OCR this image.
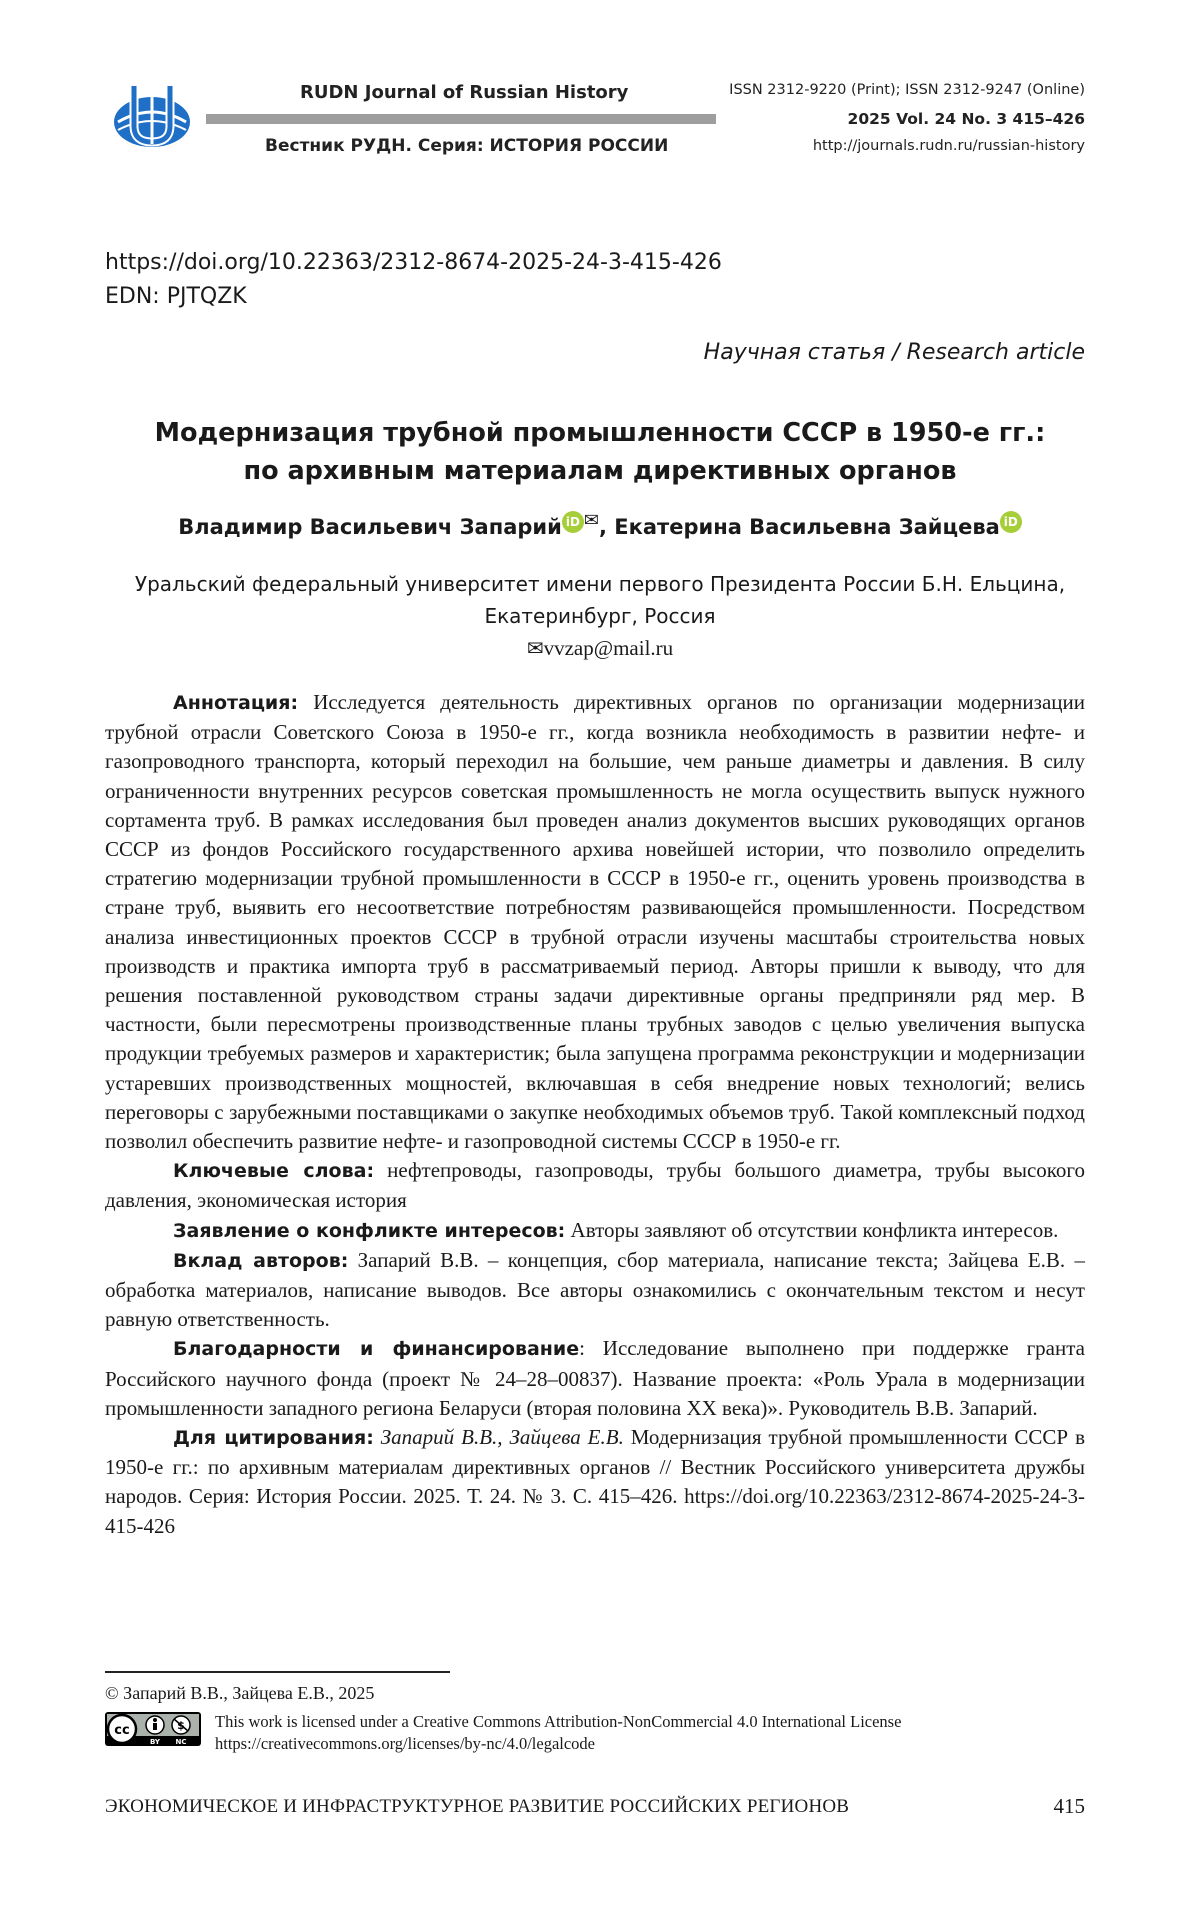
RUDN Journal of Russian History
Вестник РУДН. Серия: ИСТОРИЯ РОССИИ
ISSN 2312-9220 (Print); ISSN 2312-9247 (Online)
2025 Vol. 24 No. 3 415–426
http://journals.rudn.ru/russian-history
https://doi.org/10.22363/2312-8674-2025-24-3-415-426
EDN: PJTQZK
Научная статья / Research article
Модернизация трубной промышленности СССР в 1950-е гг.:
по архивным материалам директивных органов
Владимир Васильевич Запарий iD ✉, Екатерина Васильевна Зайцева iD
Уральский федеральный университет имени первого Президента России Б.Н. Ельцина,
Екатеринбург, Россия
✉vvzap@mail.ru

Аннотация: Исследуется деятельность директивных органов по организации модернизации трубной отрасли Советского Союза в 1950-е гг., когда возникла необходимость в развитии нефте- и газопроводного транспорта, который переходил на большие, чем раньше диаметры и давления. В силу ограниченности внутренних ресурсов советская промышленность не могла осуществить выпуск нужного сортамента труб. В рамках исследования был проведен анализ документов высших руководящих органов СССР из фондов Российского государственного архива новейшей истории, что позволило определить стратегию модернизации трубной промышленности в СССР в 1950-е гг., оценить уровень производства в стране труб, выявить его несоответствие потребностям развивающейся промышленности. Посредством анализа инвестиционных проектов СССР в трубной отрасли изучены масштабы строительства новых производств и практика импорта труб в рассматриваемый период. Авторы пришли к выводу, что для решения поставленной руководством страны задачи директивные органы предприняли ряд мер. В частности, были пересмотрены производственные планы трубных заводов с целью увеличения выпуска продукции требуемых размеров и характеристик; была запущена программа реконструкции и модернизации устаревших производственных мощностей, включавшая в себя внедрение новых технологий; велись переговоры с зарубежными поставщиками о закупке необходимых объемов труб. Такой комплексный подход позволил обеспечить развитие нефте- и газопроводной системы СССР в 1950-е гг.

Ключевые слова: нефтепроводы, газопроводы, трубы большого диаметра, трубы высокого давления, экономическая история

Заявление о конфликте интересов: Авторы заявляют об отсутствии конфликта интересов.

Вклад авторов: Запарий В.В. – концепция, сбор материала, написание текста; Зайцева Е.В. – обработка материалов, написание выводов. Все авторы ознакомились с окончательным текстом и несут равную ответственность.

Благодарности и финансирование: Исследование выполнено при поддержке гранта Российского научного фонда (проект № 24–28–00837). Название проекта: «Роль Урала в модернизации промышленности западного региона Беларуси (вторая половина XX века)». Руководитель В.В. Запарий.

Для цитирования: Запарий В.В., Зайцева Е.В. Модернизация трубной промышленности СССР в 1950-е гг.: по архивным материалам директивных органов // Вестник Российского университета дружбы народов. Серия: История России. 2025. Т. 24. № 3. С. 415–426. https://doi.org/10.22363/2312-8674-2025-24-3-415-426

© Запарий В.В., Зайцева Е.В., 2025
cc
BY NC
This work is licensed under a Creative Commons Attribution-NonCommercial 4.0 International License
https://creativecommons.org/licenses/by-nc/4.0/legalcode
ЭКОНОМИЧЕСКОЕ И ИНФРАСТРУКТУРНОЕ РАЗВИТИЕ РОССИЙСКИХ РЕГИОНОВ	415
